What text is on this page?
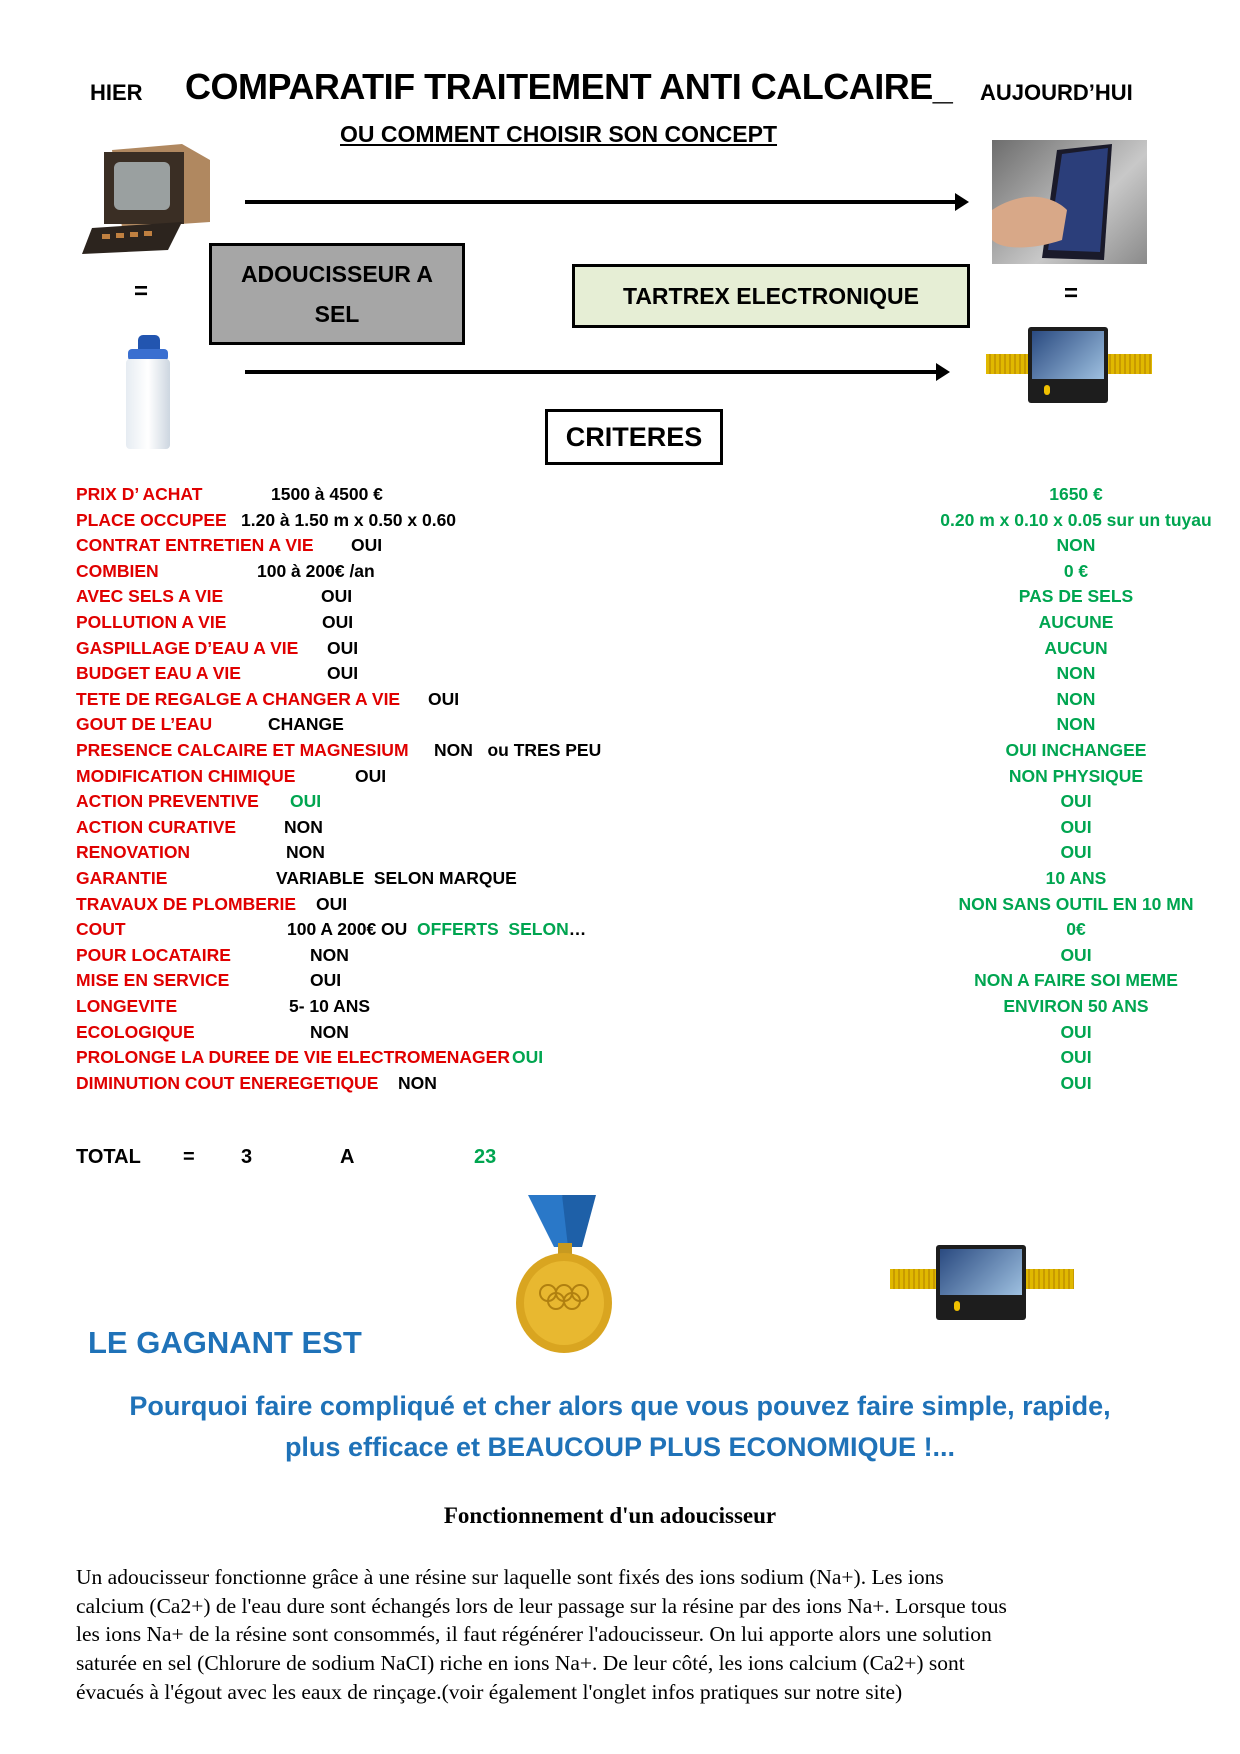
HIER COMPARATIF TRAITEMENT ANTI CALCAIRE_ AUJOURD’HUI
OU COMMENT CHOISIR SON CONCEPT
ADOUCISSEUR A
SEL
TARTREX ELECTRONIQUE
=	=
CRITERES
PRIX D’ ACHAT	1500 à 4500 €	1650 €
PLACE OCCUPEE 1.20 à 1.50 m x 0.50 x 0.60	0.20 m x 0.10 x 0.05 sur un tuyau
CONTRAT ENTRETIEN A VIE OUI	NON
COMBIEN	100 à 200€ /an	0 €
AVEC SELS A VIE	OUI	PAS DE SELS
POLLUTION A VIE	OUI	AUCUNE
GASPILLAGE D’EAU A VIE OUI	AUCUN
BUDGET EAU A VIE	OUI	NON
TETE DE REGALGE A CHANGER A VIE OUI	NON
GOUT DE L’EAU	CHANGE	NON
PRESENCE CALCAIRE ET MAGNESIUM NON   ou TRES PEU	OUI INCHANGEE
MODIFICATION CHIMIQUE	OUI	NON PHYSIQUE
ACTION PREVENTIVE OUI	OUI
ACTION CURATIVE	NON	OUI
RENOVATION	NON	OUI
GARANTIE	VARIABLE  SELON MARQUE	10 ANS
TRAVAUX DE PLOMBERIE OUI	NON SANS OUTIL EN 10 MN
COUT	100 A 200€ OU  OFFERTS  SELON…	0€
POUR LOCATAIRE	NON	OUI
MISE EN SERVICE	OUI	NON A FAIRE SOI MEME
LONGEVITE	5- 10 ANS	ENVIRON 50 ANS
ECOLOGIQUE	NON	OUI
PROLONGE LA DUREE DE VIE ELECTROMENAGER OUI	OUI
DIMINUTION COUT ENEREGETIQUE NON	OUI
TOTAL = 3	A	23
LE GAGNANT EST
Pourquoi faire compliqué et cher alors que vous pouvez faire simple, rapide,
plus efficace et BEAUCOUP PLUS ECONOMIQUE !...
Fonctionnement d'un adoucisseur
Un adoucisseur fonctionne grâce à une résine sur laquelle sont fixés des ions sodium (Na+). Les ions
calcium (Ca2+) de l'eau dure sont échangés lors de leur passage sur la résine par des ions Na+. Lorsque tous
les ions Na+ de la résine sont consommés, il faut régénérer l'adoucisseur. On lui apporte alors une solution
saturée en sel (Chlorure de sodium NaCI) riche en ions Na+. De leur côté, les ions calcium (Ca2+) sont
évacués à l'égout avec les eaux de rinçage.(voir également l'onglet infos pratiques sur notre site)
